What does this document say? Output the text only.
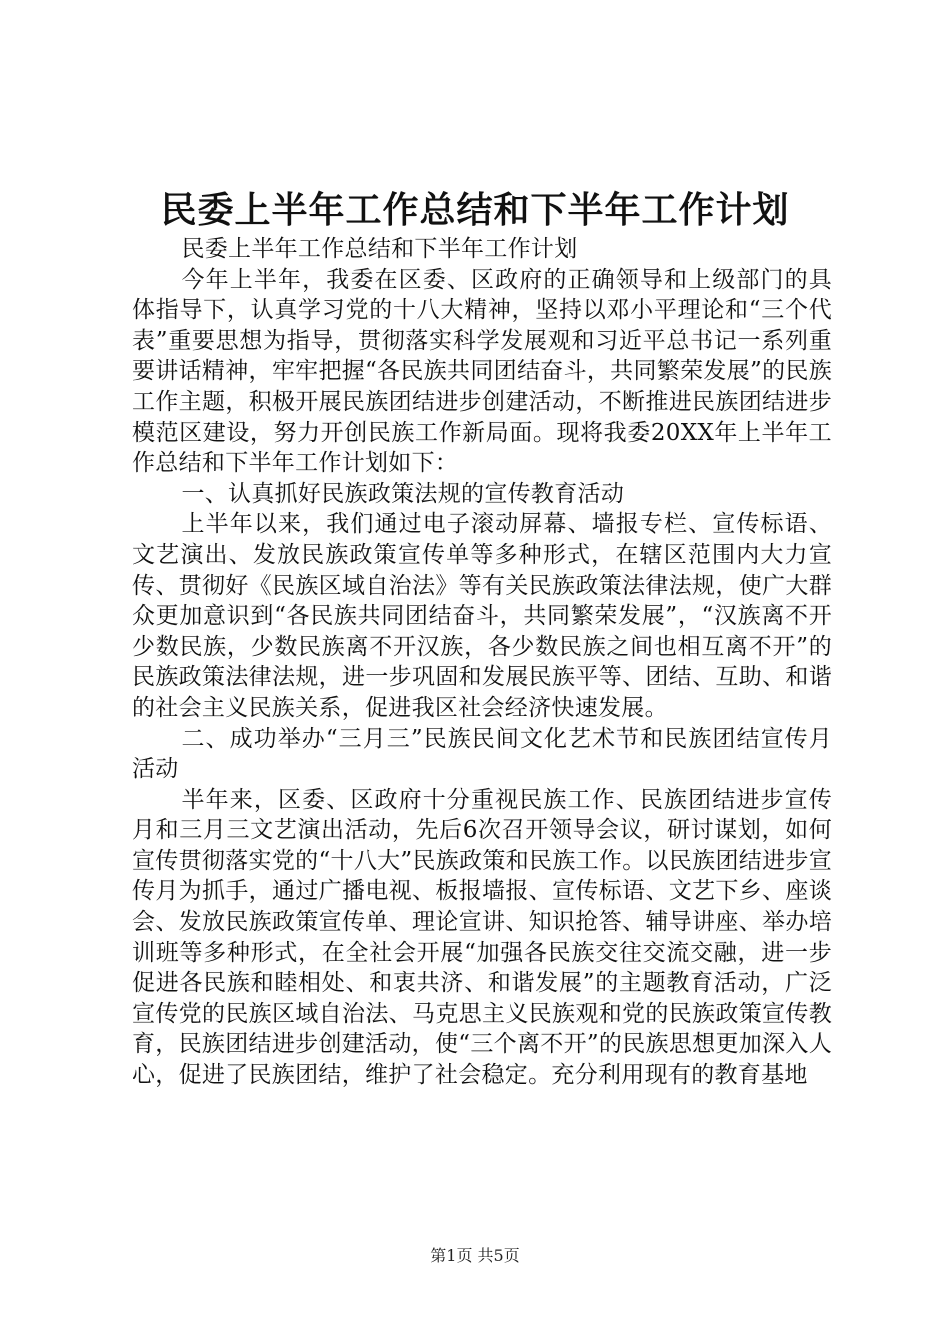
民委上半年工作总结和下半年工作计划

民委上半年工作总结和下半年工作计划

今年上半年，我委在区委、区政府的正确领导和上级部门的具体指导下，认真学习党的十八大精神，坚持以邓小平理论和“三个代表”重要思想为指导，贯彻落实科学发展观和习近平总书记一系列重要讲话精神，牢牢把握“各民族共同团结奋斗，共同繁荣发展”的民族工作主题，积极开展民族团结进步创建活动，不断推进民族团结进步模范区建设，努力开创民族工作新局面。现将我委20XX年上半年工作总结和下半年工作计划如下：

一、认真抓好民族政策法规的宣传教育活动

上半年以来，我们通过电子滚动屏幕、墙报专栏、宣传标语、文艺演出、发放民族政策宣传单等多种形式，在辖区范围内大力宣传、贯彻好《民族区域自治法》等有关民族政策法律法规，使广大群众更加意识到“各民族共同团结奋斗，共同繁荣发展”，“汉族离不开少数民族，少数民族离不开汉族，各少数民族之间也相互离不开”的民族政策法律法规，进一步巩固和发展民族平等、团结、互助、和谐的社会主义民族关系，促进我区社会经济快速发展。

二、成功举办“三月三”民族民间文化艺术节和民族团结宣传月活动

半年来，区委、区政府十分重视民族工作、民族团结进步宣传月和三月三文艺演出活动，先后6次召开领导会议，研讨谋划，如何宣传贯彻落实党的“十八大”民族政策和民族工作。以民族团结进步宣传月为抓手，通过广播电视、板报墙报、宣传标语、文艺下乡、座谈会、发放民族政策宣传单、理论宣讲、知识抢答、辅导讲座、举办培训班等多种形式，在全社会开展“加强各民族交往交流交融，进一步促进各民族和睦相处、和衷共济、和谐发展”的主题教育活动，广泛宣传党的民族区域自治法、马克思主义民族观和党的民族政策宣传教育，民族团结进步创建活动，使“三个离不开”的民族思想更加深入人心，促进了民族团结，维护了社会稳定。充分利用现有的教育基地

第1页 共5页
